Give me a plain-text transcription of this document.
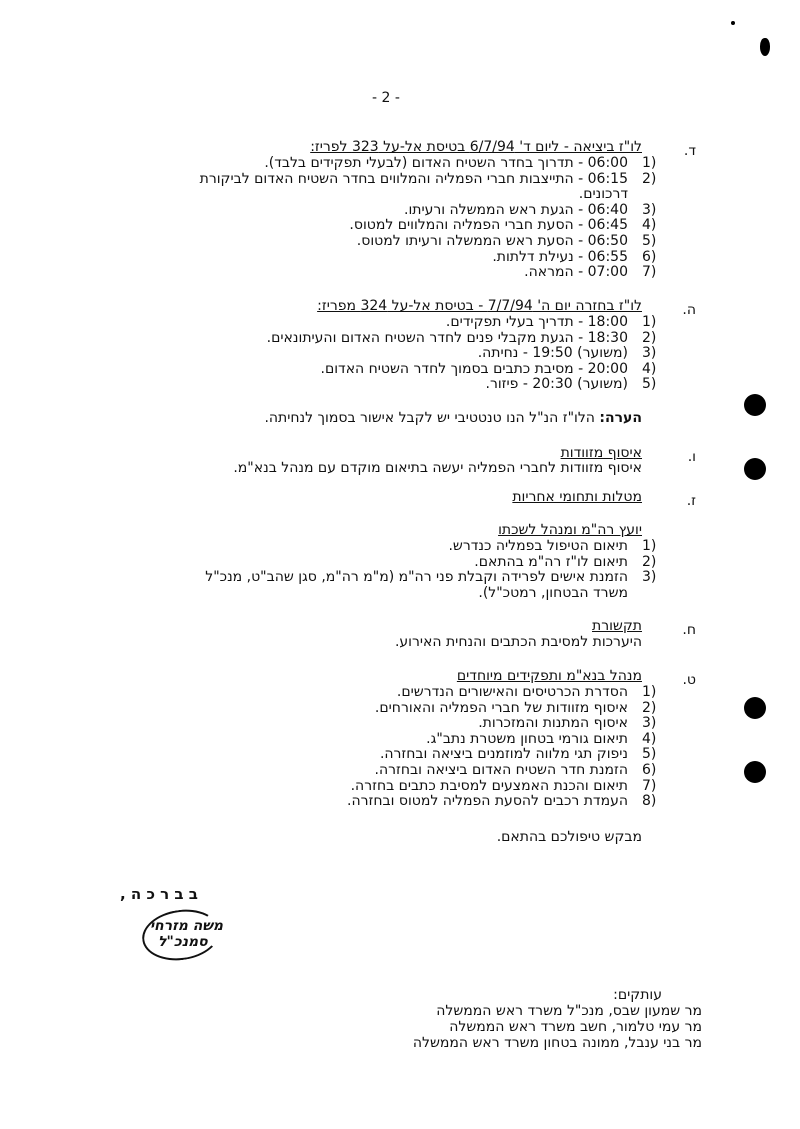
- 2 -
ד.
לו"ז ביציאה - ליום ד' 6/7/94 בטיסת אל-על 323 לפריז:
06:00 - תדרוך בחדר השטיח האדום (לבעלי תפקידים בלבד). 1)
06:15 - התייצבות חברי הפמליה והמלווים בחדר השטיח האדום לביקורת 2)
דרכונים.
06:40 - הגעת ראש הממשלה ורעיתו. 3)
06:45 - הסעת חברי הפמליה והמלווים למטוס. 4)
06:50 - הסעת ראש הממשלה ורעיתו למטוס. 5)
06:55 - נעילת דלתות. 6)
07:00 - המראה. 7)
ה.
לו"ז בחזרה יום ה' 7/7/94 - בטיסת אל-על 324 מפריז:
18:00 - תדריך בעלי תפקידים. 1)
18:30 - הגעת מקבלי פנים לחדר השטיח האדום והעיתונאים. 2)
(משוער) 19:50 - נחיתה. 3)
20:00 - מסיבת כתבים בסמוך לחדר השטיח האדום. 4)
(משוער) 20:30 - פיזור. 5)
הערה: הלו"ז הנ"ל הנו טנטטיבי יש לקבל אישור בסמוך לנחיתה.
ו.
איסוף מזוודות
איסוף מזוודות לחברי הפמליה יעשה בתיאום מוקדם עם מנהל בנא"מ.
ז.
מטלות ותחומי אחריות
יועץ רה"מ ומנהל לשכתו
תיאום הטיפול בפמליה כנדרש. 1)
תיאום לו"ז רה"מ בהתאם. 2)
הזמנת אישים לפרידה וקבלת פני רה"מ (מ"מ רה"מ, סגן שהב"ט, מנכ"ל 3)
משרד הבטחון, רמטכ"ל).
ח.
תקשורת
היערכות למסיבת הכתבים והנחית האירוע.
ט.
מנהל בנא"מ ותפקידים מיוחדים
הסדרת הכרטיסים והאישורים הנדרשים. 1)
איסוף מזוודות של חברי הפמליה והאורחים. 2)
איסוף המתנות והמזכרות. 3)
תיאום גורמי בטחון משטרת נתב"ג. 4)
ניפוק תגי מלווה למוזמנים ביציאה ובחזרה. 5)
הזמנת חדר השטיח האדום ביציאה ובחזרה. 6)
תיאום והכנת האמצעים למסיבת כתבים בחזרה. 7)
העמדת רכבים להסעת הפמליה למטוס ובחזרה. 8)
מבקש טיפולכם בהתאם.
ב ב ר כ ה ,
משה מזרחי
סמנכ"ל
עותקים:
מר שמעון שבס, מנכ"ל משרד ראש הממשלה
מר עמי טלמור, חשב משרד ראש הממשלה
מר בני ענבל, ממונה בטחון משרד ראש הממשלה
